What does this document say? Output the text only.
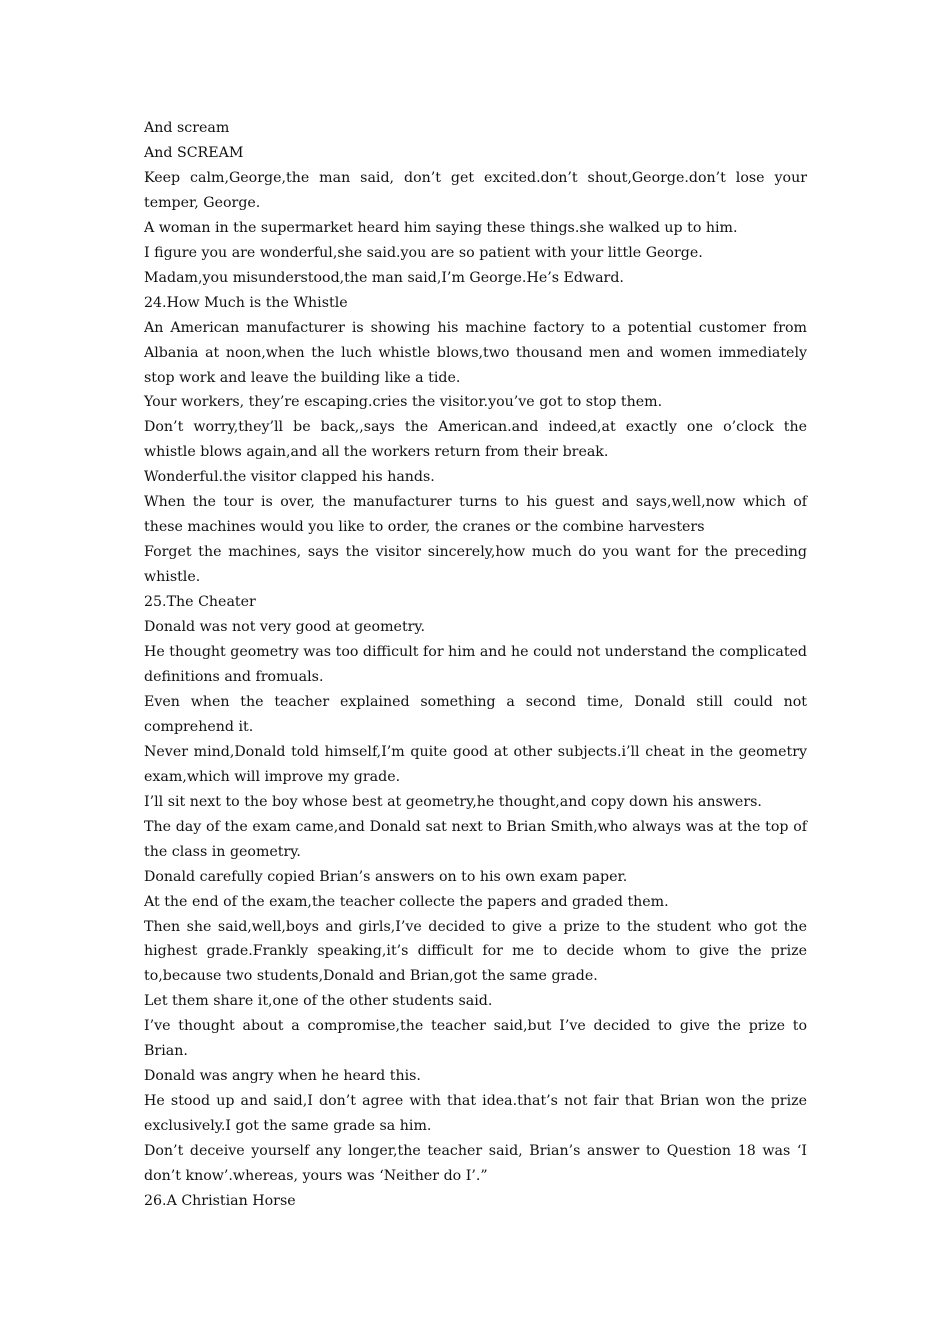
And scream

And SCREAM

Keep calm,George,the man said, don’t get excited.don’t shout,George.don’t lose your temper, George.

A woman in the supermarket heard him saying these things.she walked up to him.

I figure you are wonderful,she said.you are so patient with your little George.

Madam,you misunderstood,the man said,I’m George.He’s Edward.

24.How Much is the Whistle

An American manufacturer is showing his machine factory to a potential customer from Albania at noon,when the luch whistle blows,two thousand men and women immediately stop work and leave the building like a tide.

Your workers, they’re escaping.cries the visitor.you’ve got to stop them.

Don’t worry,they’ll be back,,says the American.and indeed,at exactly one o’clock the whistle blows again,and all the workers return from their break.

Wonderful.the visitor clapped his hands.

When the tour is over, the manufacturer turns to his guest and says,well,now which of these machines would you like to order, the cranes or the combine harvesters

Forget the machines, says the visitor sincerely,how much do you want for the preceding whistle.

25.The Cheater

Donald was not very good at geometry.

He thought geometry was too difficult for him and he could not understand the complicated definitions and fromuals.

Even when the teacher explained something a second time, Donald still could not comprehend it.

Never mind,Donald told himself,I’m quite good at other subjects.i’ll cheat in the geometry exam,which will improve my grade.

I’ll sit next to the boy whose best at geometry,he thought,and copy down his answers.

The day of the exam came,and Donald sat next to Brian Smith,who always was at the top of the class in geometry.

Donald carefully copied Brian’s answers on to his own exam paper.

At the end of the exam,the teacher collecte the papers and graded them.

Then she said,well,boys and girls,I’ve decided to give a prize to the student who got the highest grade.Frankly speaking,it’s difficult for me to decide whom to give the prize to,because two students,Donald and Brian,got the same grade.

Let them share it,one of the other students said.

I’ve thought about a compromise,the teacher said,but I’ve decided to give the prize to Brian.

Donald was angry when he heard this.

He stood up and said,I don’t agree with that idea.that’s not fair that Brian won the prize exclusively.I got the same grade sa him.

Don’t deceive yourself any longer,the teacher said, Brian’s answer to Question 18 was ‘I don’t know’.whereas, yours was ‘Neither do I’.”

26.A Christian Horse
